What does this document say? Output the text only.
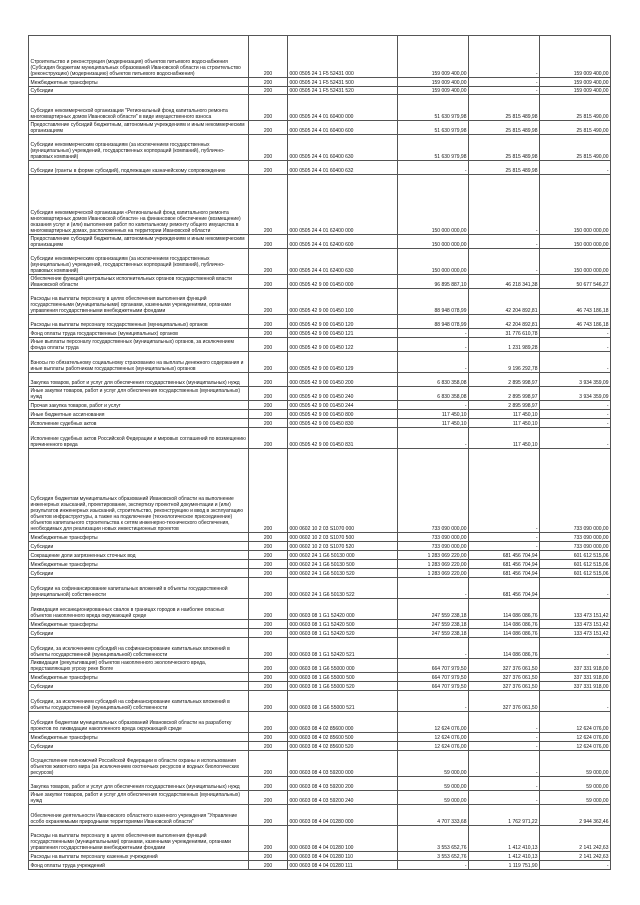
Строительство и реконструкция (модернизация) объектов питьевого водоснабжения (Субсидия бюджетам муниципальных образований Ивановской области на строительство (реконструкцию) (модернизацию) объектов питьевого водоснабжения)	200	000 0505 24 1 F5 52431 000	159 009 400,00	-	159 009 400,00
Межбюджетные трансферты	200	000 0505 24 1 F5 52431 500	159 009 400,00	-	159 009 400,00
Субсидии	200	000 0505 24 1 F5 52431 520	159 009 400,00	-	159 009 400,00
Субсидия некоммерческой организации "Региональный фонд капитального ремонта многоквартирных домов Ивановской области" в виде имущественного взноса	200	000 0505 24 4 01 60400 000	51 630 979,98	25 815 489,98	25 815 490,00
Предоставление субсидий бюджетным, автономным учреждениям и иным некоммерческим организациям	200	000 0505 24 4 01 60400 600	51 630 979,98	25 815 489,98	25 815 490,00
Субсидии некоммерческим организациям (за исключением государственных (муниципальных) учреждений, государственных корпораций (компаний), публично-правовых компаний)	200	000 0505 24 4 01 60400 630	51 630 979,98	25 815 489,98	25 815 490,00
Субсидии (гранты в форме субсидий), подлежащие казначейскому сопровождению	200	000 0505 24 4 01 60400 632	-	25 815 489,98	-
Субсидия некоммерческой организации «Региональный фонд капитального ремонта многоквартирных домов Ивановской области» на финансовое обеспечение (возмещение) оказания услуг и (или) выполнения работ по капитальному ремонту общего имущества в многоквартирных домах, расположенных на территории Ивановской области	200	000 0505 24 4 01 62400 000	150 000 000,00	-	150 000 000,00
Предоставление субсидий бюджетным, автономным учреждениям и иным некоммерческим организациям	200	000 0505 24 4 01 62400 600	150 000 000,00	-	150 000 000,00
Субсидии некоммерческим организациям (за исключением государственных (муниципальных) учреждений, государственных корпораций (компаний), публично-правовых компаний)	200	000 0505 24 4 01 62400 630	150 000 000,00	-	150 000 000,00
Обеспечение функций центральных исполнительных органов государственной власти Ивановской области	200	000 0505 42 9 00 01450 000	96 895 887,10	46 218 341,38	50 677 546,27
Расходы на выплаты персоналу в целях обеспечения выполнения функций государственными (муниципальными) органами, казенными учреждениями, органами управления государственными внебюджетными фондами	200	000 0505 42 9 00 01450 100	88 948 078,99	42 204 892,81	46 743 186,18
Расходы на выплаты персоналу государственных (муниципальных) органов	200	000 0505 42 9 00 01450 120	88 948 078,99	42 204 892,81	46 743 186,18
Фонд оплаты труда государственных (муниципальных) органов	200	000 0505 42 9 00 01450 121	-	31 776 610,78	-
Иные выплаты персоналу государственных (муниципальных) органов, за исключением фонда оплаты труда	200	000 0505 42 9 00 01450 122	-	1 231 989,28	-
Взносы по обязательному социальному страхованию на выплаты денежного содержания и иные выплаты работникам государственных (муниципальных) органов	200	000 0505 42 9 00 01450 129	-	9 196 292,78	-
Закупка товаров, работ и услуг для обеспечения государственных (муниципальных) нужд	200	000 0505 42 9 00 01450 200	6 830 358,08	2 895 998,97	3 934 359,09
Иные закупки товаров, работ и услуг для обеспечения государственных (муниципальных) нужд	200	000 0505 42 9 00 01450 240	6 830 358,08	2 895 998,97	3 934 359,09
Прочая закупка товаров, работ и услуг	200	000 0505 42 9 00 01450 244	-	2 895 998,97	-
Иные бюджетные ассигнования	200	000 0505 42 9 00 01450 800	117 450,10	117 450,10	-
Исполнение судебных актов	200	000 0505 42 9 00 01450 830	117 450,10	117 450,10	-
Исполнение судебных актов Российской Федерации и мировых соглашений по возмещению причиненного вреда	200	000 0505 42 9 00 01450 831	-	117 450,10	-
Субсидия бюджетам муниципальных образований Ивановской области на выполнение инженерных изысканий, проектирование, экспертизу проектной документации и (или) результатов инженерных изысканий, строительство, реконструкцию и ввод в эксплуатацию объектов инфраструктуры, а также на подключение (технологическое присоединение) объектов капитального строительства к сетям инженерно-технического обеспечения, необходимых для реализации новых инвестиционных проектов	200	000 0602 10 2 03 S1070 000	733 090 000,00	-	733 090 000,00
Межбюджетные трансферты	200	000 0602 10 2 03 S1070 500	733 090 000,00	-	733 090 000,00
Субсидии	200	000 0602 10 2 03 S1070 520	733 090 000,00	-	733 090 000,00
Сокращение доли загрязненных сточных вод	200	000 0602 24 1 G6 50130 000	1 283 069 220,00	681 456 704,94	601 612 515,06
Межбюджетные трансферты	200	000 0602 24 1 G6 50130 500	1 283 069 220,00	681 456 704,94	601 612 515,06
Субсидии	200	000 0602 24 1 G6 50130 520	1 283 069 220,00	681 456 704,94	601 612 515,06
Субсидии на софинансирование капитальных вложений в объекты государственной (муниципальной) собственности	200	000 0602 24 1 G6 50130 522	-	681 456 704,94	-
Ликвидация несанкционированных свалок в границах городов и наиболее опасных объектов накопленного вреда окружающей среде	200	000 0603 08 1 G1 52420 000	247 559 238,18	114 086 086,76	133 473 151,42
Межбюджетные трансферты	200	000 0603 08 1 G1 52420 500	247 559 238,18	114 086 086,76	133 473 151,42
Субсидии	200	000 0603 08 1 G1 52420 520	247 559 238,18	114 086 086,76	133 473 151,42
Субсидии, за исключением субсидий на софинансирование капитальных вложений в объекты государственной (муниципальной) собственности	200	000 0603 08 1 G1 52420 521	-	114 086 086,76	-
Ликвидация (рекультивация) объектов накопленного экологического вреда, представляющих угрозу реке Волге	200	000 0603 08 1 G6 55000 000	664 707 979,50	327 376 061,50	337 331 918,00
Межбюджетные трансферты	200	000 0603 08 1 G6 55000 500	664 707 979,50	327 376 061,50	337 331 918,00
Субсидии	200	000 0603 08 1 G6 55000 520	664 707 979,50	327 376 061,50	337 331 918,00
Субсидии, за исключением субсидий на софинансирование капитальных вложений в объекты государственной (муниципальной) собственности	200	000 0603 08 1 G6 55000 521	-	327 376 061,50	-
Субсидия бюджетам муниципальных образований Ивановской области на разработку проектов по ликвидации накопленного вреда окружающей среде	200	000 0603 08 4 02 85600 000	12 624 076,00	-	12 624 076,00
Межбюджетные трансферты	200	000 0603 08 4 02 85600 500	12 624 076,00	-	12 624 076,00
Субсидии	200	000 0603 08 4 02 85600 520	12 624 076,00	-	12 624 076,00
Осуществление полномочий Российской Федерации в области охраны и использования объектов животного мира (за исключением охотничьих ресурсов и водных биологических ресурсов)	200	000 0603 08 4 03 59200 000	59 000,00	-	59 000,00
Закупка товаров, работ и услуг для обеспечения государственных (муниципальных) нужд	200	000 0603 08 4 03 59200 200	59 000,00	-	59 000,00
Иные закупки товаров, работ и услуг для обеспечения государственных (муниципальных) нужд	200	000 0603 08 4 03 59200 240	59 000,00	-	59 000,00
Обеспечение деятельности Ивановского областного казенного учреждения "Управление особо охраняемыми природными территориями Ивановской области"	200	000 0603 08 4 04 01280 000	4 707 333,68	1 762 971,22	2 944 362,46
Расходы на выплаты персоналу в целях обеспечения выполнения функций государственными (муниципальными) органами, казенными учреждениями, органами управления государственными внебюджетными фондами	200	000 0603 08 4 04 01280 100	3 553 652,76	1 412 410,13	2 141 242,63
Расходы на выплаты персоналу казенных учреждений	200	000 0603 08 4 04 01280 110	3 553 652,76	1 412 410,13	2 141 242,63
Фонд оплаты труда учреждений	200	000 0603 08 4 04 01280 111	-	1 119 751,90	-
